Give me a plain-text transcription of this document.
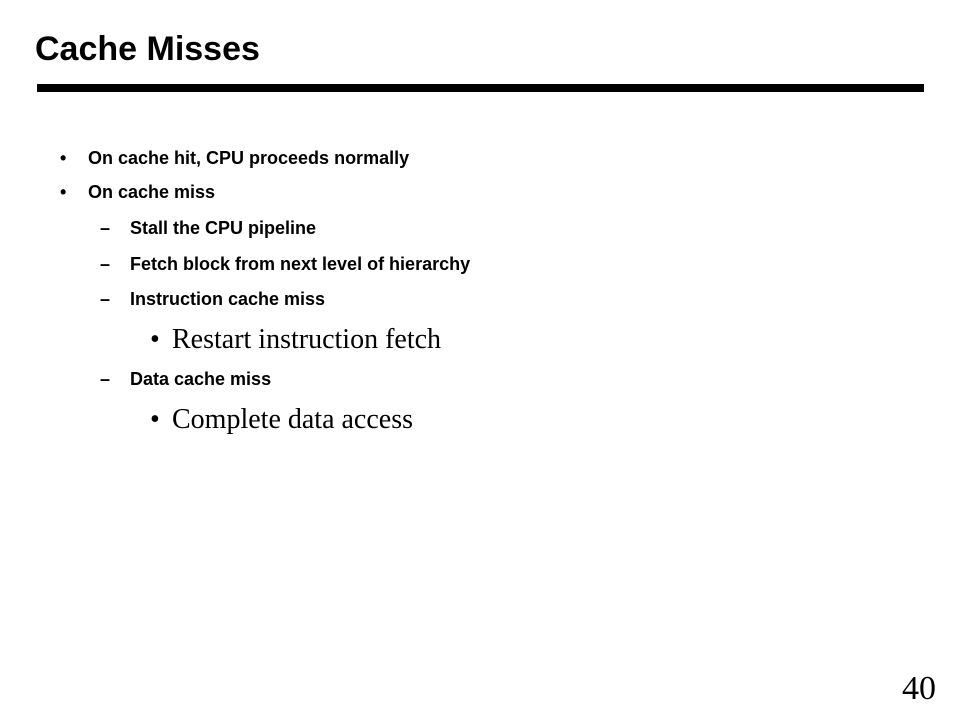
Cache Misses
• On cache hit, CPU proceeds normally
• On cache miss
– Stall the CPU pipeline
– Fetch block from next level of hierarchy
– Instruction cache miss
• Restart instruction fetch
– Data cache miss
• Complete data access
40
